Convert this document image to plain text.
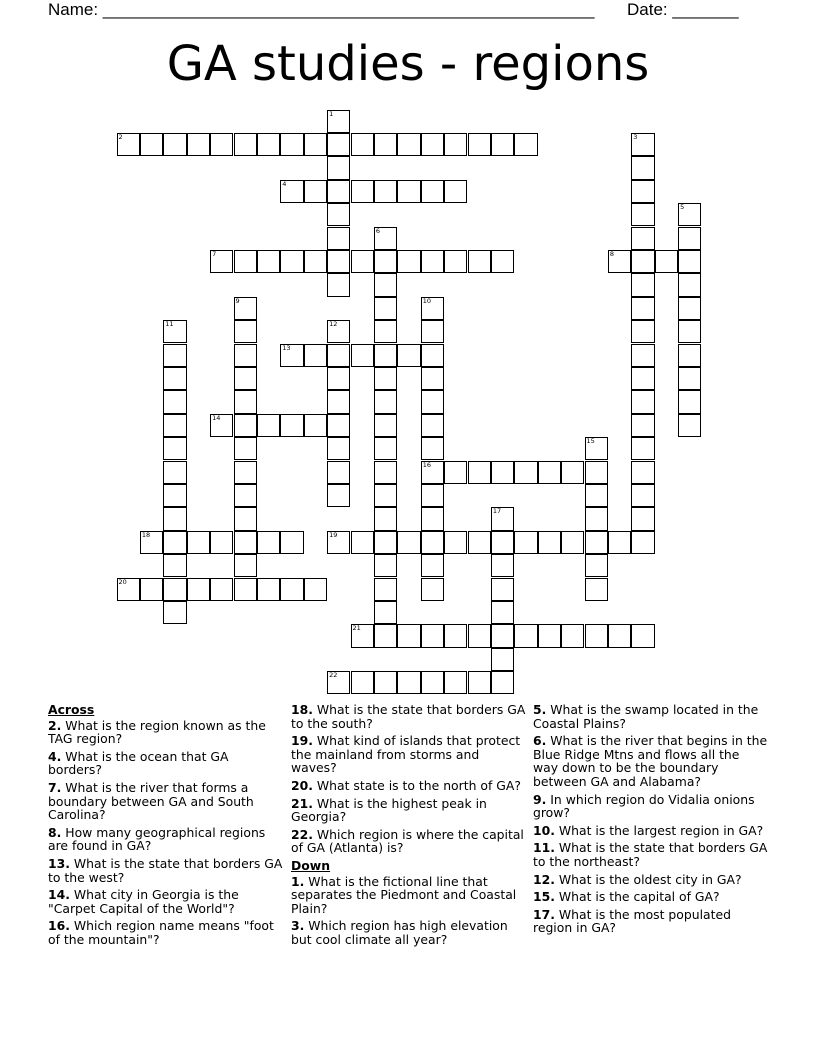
Name: ____________________________________________________ Date: _______
GA studies - regions
1
2	3
4
5
6
7	8
9	10
16
11	12
13
14
15
17
18	19
20
21
22
Across
2. What is the region known as the TAG region?
4. What is the ocean that GA borders?
7. What is the river that forms a boundary between GA and South Carolina?
8. How many geographical regions are found in GA?
13. What is the state that borders GA to the west?
14. What city in Georgia is the "Carpet Capital of the World"?
16. Which region name means "foot of the mountain"?
18. What is the state that borders GA to the south?
19. What kind of islands that protect the mainland from storms and waves?
20. What state is to the north of GA?
21. What is the highest peak in Georgia?
22. Which region is where the capital of GA (Atlanta) is?
Down
1. What is the fictional line that separates the Piedmont and Coastal Plain?
3. Which region has high elevation but cool climate all year?
5. What is the swamp located in the Coastal Plains?
6. What is the river that begins in the Blue Ridge Mtns and flows all the way down to be the boundary between GA and Alabama?
9. In which region do Vidalia onions grow?
10. What is the largest region in GA?
11. What is the state that borders GA to the northeast?
12. What is the oldest city in GA?
15. What is the capital of GA?
17. What is the most populated region in GA?
